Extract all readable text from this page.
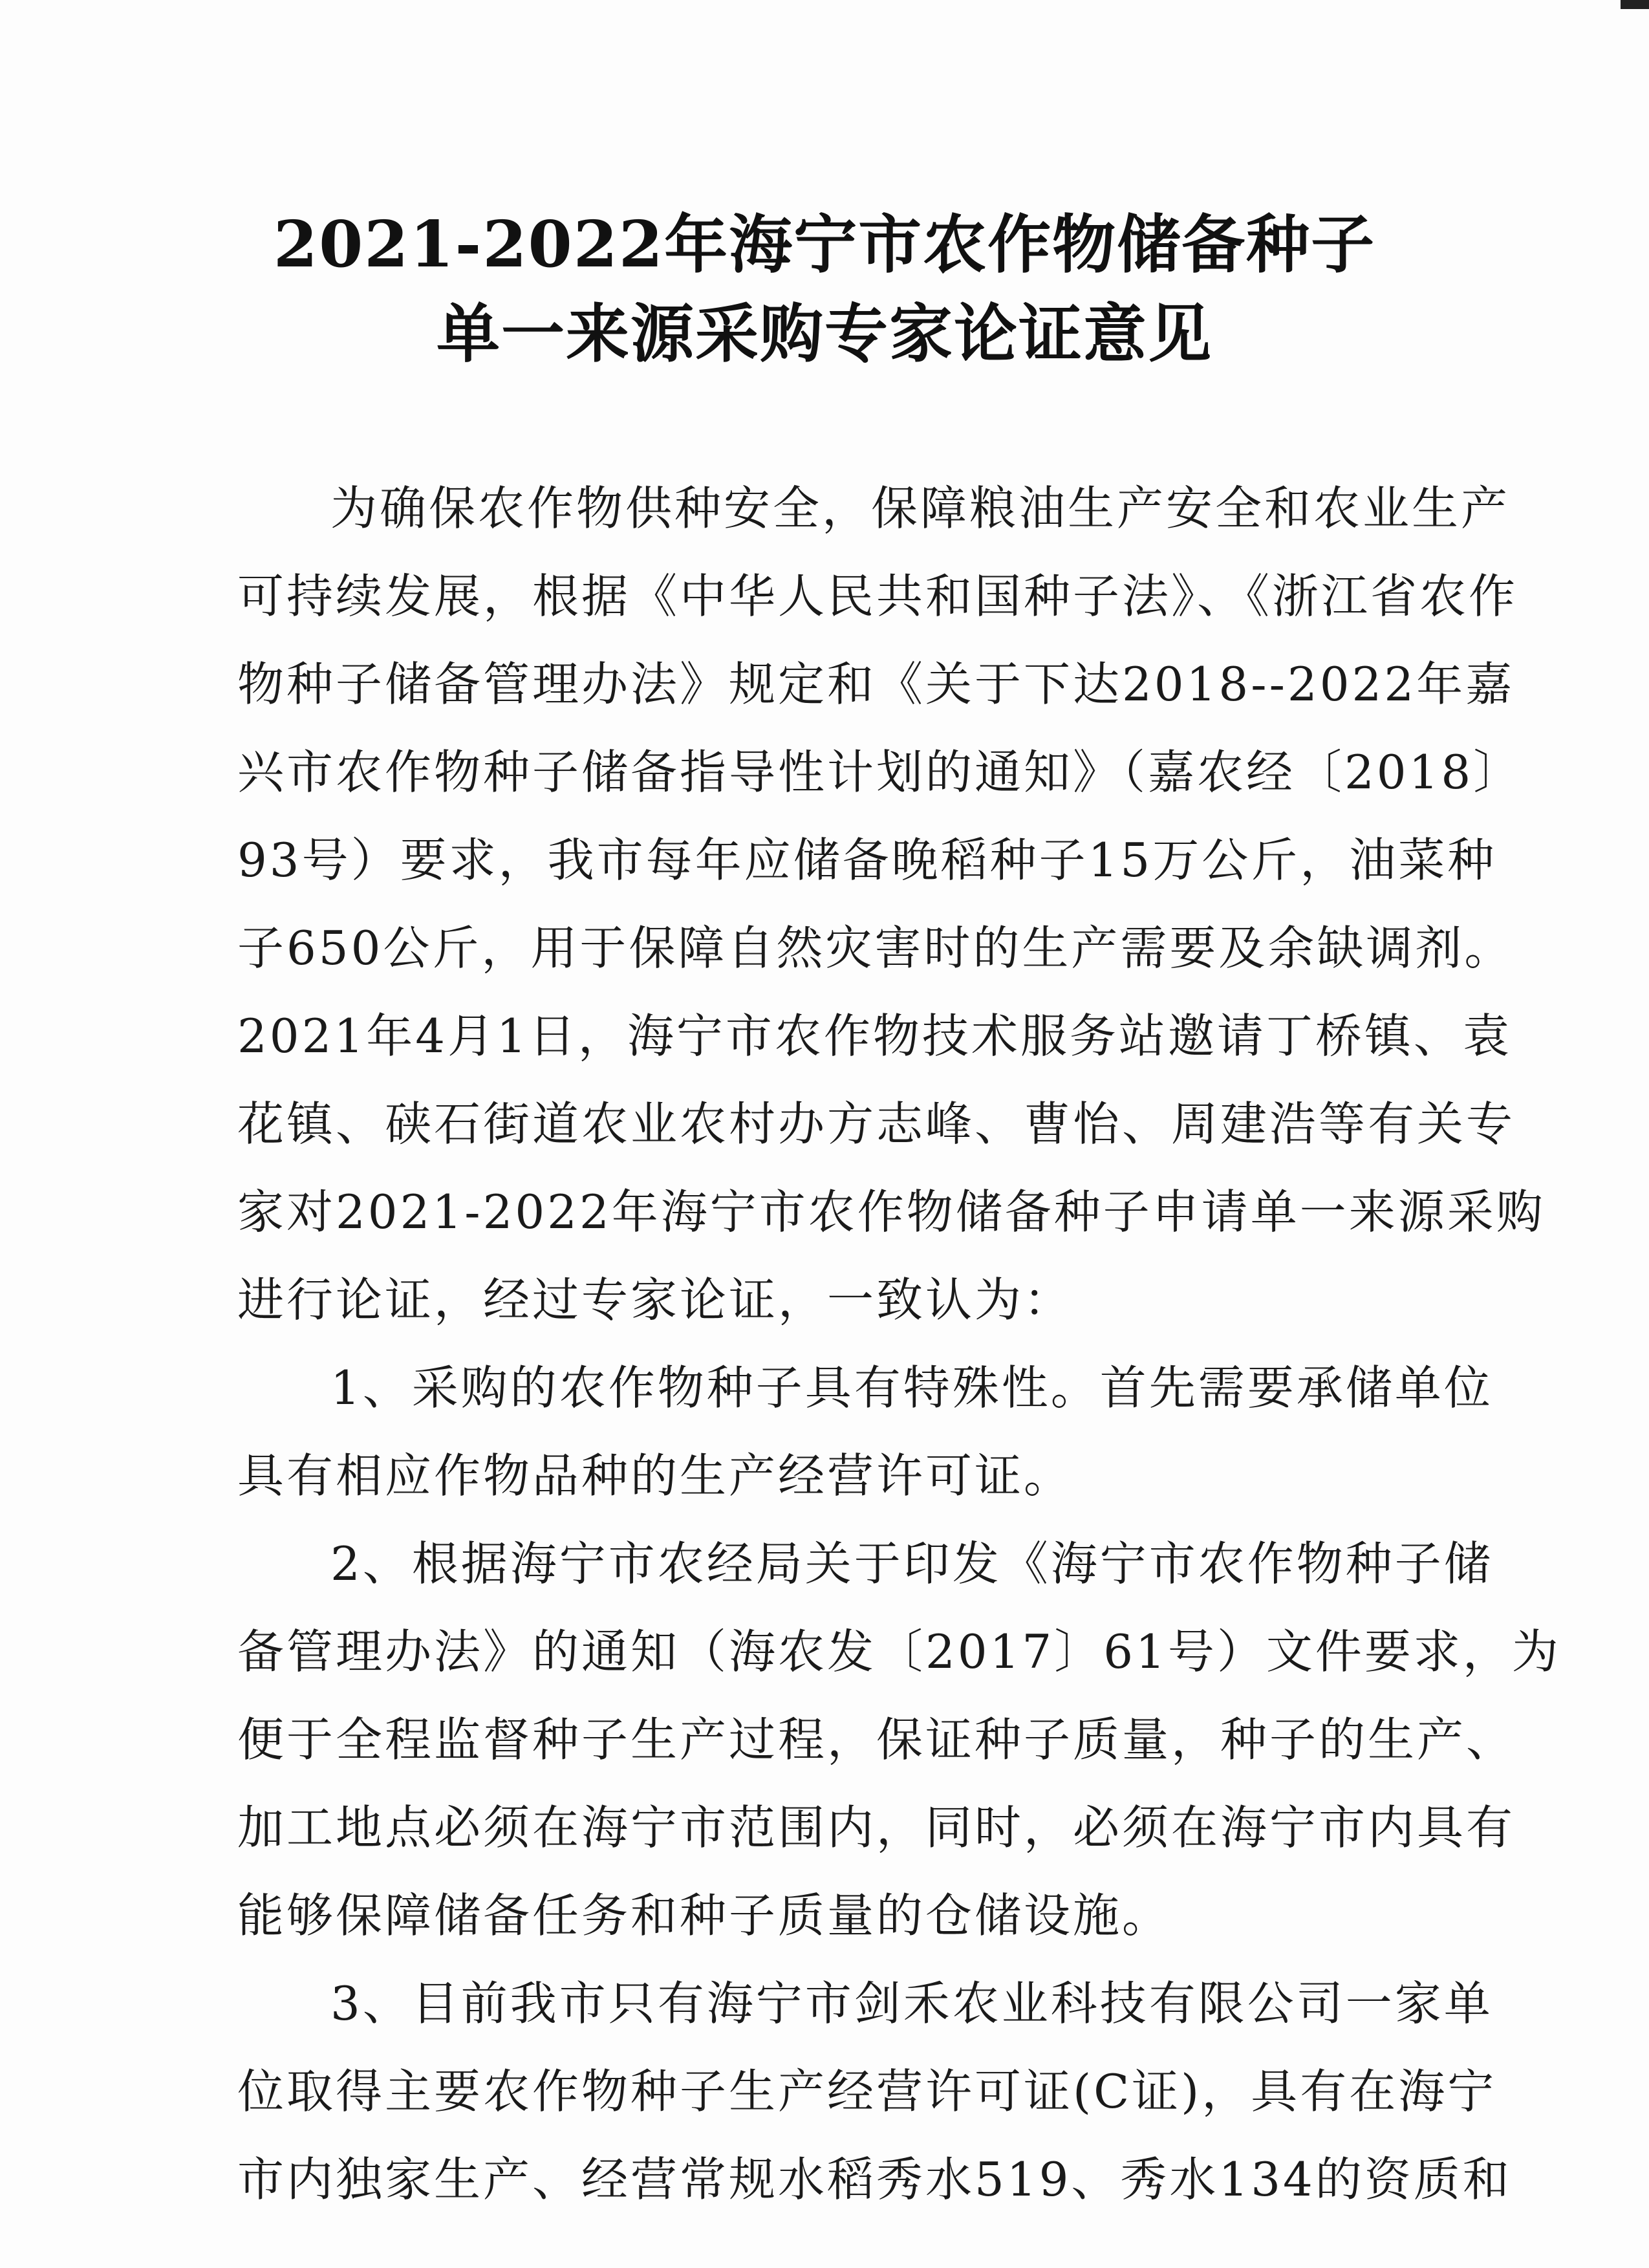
2021-2022年海宁市农作物储备种子
单一来源采购专家论证意见
为确保农作物供种安全，保障粮油生产安全和农业生产
可持续发展，根据《中华人民共和国种子法》、《浙江省农作
物种子储备管理办法》规定和《关于下达2018--2022年嘉
兴市农作物种子储备指导性计划的通知》（嘉农经〔2018〕
93号）要求，我市每年应储备晚稻种子15万公斤，油菜种
子650公斤，用于保障自然灾害时的生产需要及余缺调剂。
2021年4月1日，海宁市农作物技术服务站邀请丁桥镇、袁
花镇、硖石街道农业农村办方志峰、曹怡、周建浩等有关专
家对2021-2022年海宁市农作物储备种子申请单一来源采购
进行论证，经过专家论证，一致认为：
1、采购的农作物种子具有特殊性。首先需要承储单位
具有相应作物品种的生产经营许可证。
2、根据海宁市农经局关于印发《海宁市农作物种子储
备管理办法》的通知（海农发〔2017〕61号）文件要求，为
便于全程监督种子生产过程，保证种子质量，种子的生产、
加工地点必须在海宁市范围内，同时，必须在海宁市内具有
能够保障储备任务和种子质量的仓储设施。
3、目前我市只有海宁市剑禾农业科技有限公司一家单
位取得主要农作物种子生产经营许可证(C证)，具有在海宁
市内独家生产、经营常规水稻秀水519、秀水134的资质和
